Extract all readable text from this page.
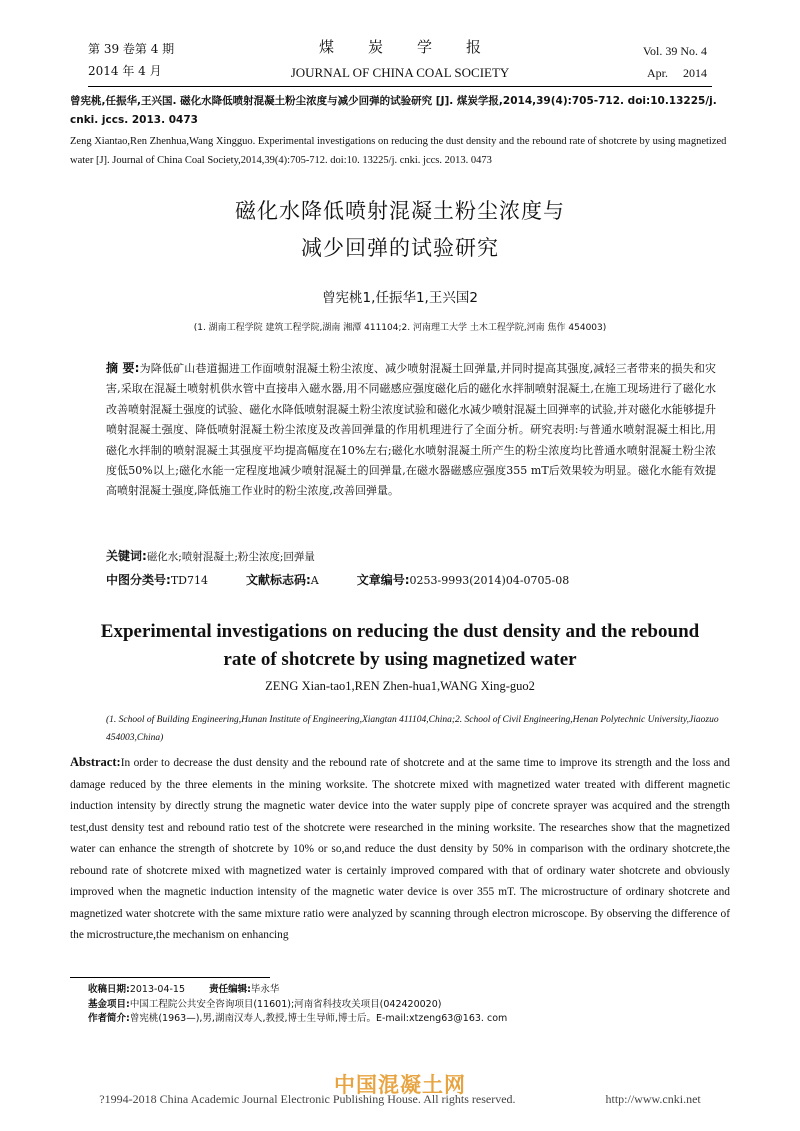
第 39 卷第 4 期
2014 年 4 月
煤炭学报
JOURNAL OF CHINA COAL SOCIETY
Vol. 39 No. 4
Apr.     2014
曾宪桃,任振华,王兴国. 磁化水降低喷射混凝土粉尘浓度与减少回弹的试验研究 [J]. 煤炭学报,2014,39(4):705-712. doi:10.13225/j. cnki. jccs. 2013. 0473
Zeng Xiantao,Ren Zhenhua,Wang Xingguo. Experimental investigations on reducing the dust density and the rebound rate of shotcrete by using magnetized water [J]. Journal of China Coal Society,2014,39(4):705-712. doi:10. 13225/j. cnki. jccs. 2013. 0473
磁化水降低喷射混凝土粉尘浓度与
减少回弹的试验研究
曾宪桃1,任振华1,王兴国2
(1. 湖南工程学院 建筑工程学院,湖南 湘潭 411104;2. 河南理工大学 土木工程学院,河南 焦作 454003)
摘 要:为降低矿山巷道掘进工作面喷射混凝土粉尘浓度、减少喷射混凝土回弹量,并同时提高其强度,减轻三者带来的损失和灾害,采取在混凝土喷射机供水管中直接串入磁水器,用不同磁感应强度磁化后的磁化水拌制喷射混凝土,在施工现场进行了磁化水改善喷射混凝土强度的试验、磁化水降低喷射混凝土粉尘浓度试验和磁化水减少喷射混凝土回弹率的试验,并对磁化水能够提升喷射混凝土强度、降低喷射混凝土粉尘浓度及改善回弹量的作用机理进行了全面分析。研究表明:与普通水喷射混凝土相比,用磁化水拌制的喷射混凝土其强度平均提高幅度在10%左右;磁化水喷射混凝土所产生的粉尘浓度均比普通水喷射混凝土粉尘浓度低50%以上;磁化水能一定程度地减少喷射混凝土的回弹量,在磁水器磁感应强度355 mT后效果较为明显。磁化水能有效提高喷射混凝土强度,降低施工作业时的粉尘浓度,改善回弹量。
关键词:磁化水;喷射混凝土;粉尘浓度;回弹量
中图分类号:TD714	文献标志码:A	文章编号:0253-9993(2014)04-0705-08
Experimental investigations on reducing the dust density and the rebound
rate of shotcrete by using magnetized water
ZENG Xian-tao1,REN Zhen-hua1,WANG Xing-guo2
(1. School of Building Engineering,Hunan Institute of Engineering,Xiangtan 411104,China;2. School of Civil Engineering,Henan Polytechnic University,Jiaozuo 454003,China)
Abstract:In order to decrease the dust density and the rebound rate of shotcrete and at the same time to improve its strength and the loss and damage reduced by the three elements in the mining worksite. The shotcrete mixed with magnetized water treated with different magnetic induction intensity by directly strung the magnetic water device into the water supply pipe of concrete sprayer was acquired and the strength test,dust density test and rebound ratio test of the shotcrete were researched in the mining worksite. The researches show that the magnetized water can enhance the strength of shotcrete by 10% or so,and reduce the dust density by 50% in comparison with the ordinary shotcrete,the rebound rate of shotcrete mixed with magnetized water is certainly improved compared with that of ordinary water shotcrete and obviously improved when the magnetic induction intensity of the magnetic water device is over 355 mT. The microstructure of ordinary shotcrete and magnetized water shotcrete with the same mixture ratio were analyzed by scanning through electron microscope. By observing the difference of the microstructure,the mechanism on enhancing
收稿日期:2013-04-15	责任编辑:毕永华
基金项目:中国工程院公共安全咨询项目(11601);河南省科技攻关项目(042420020)
作者简介:曾宪桃(1963—),男,湖南汉寿人,教授,博士生导师,博士后。E-mail:xtzeng63@163. com
中国混凝土网
?1994-2018 China Academic Journal Electronic Publishing House. All rights reserved.	http://www.cnki.net
